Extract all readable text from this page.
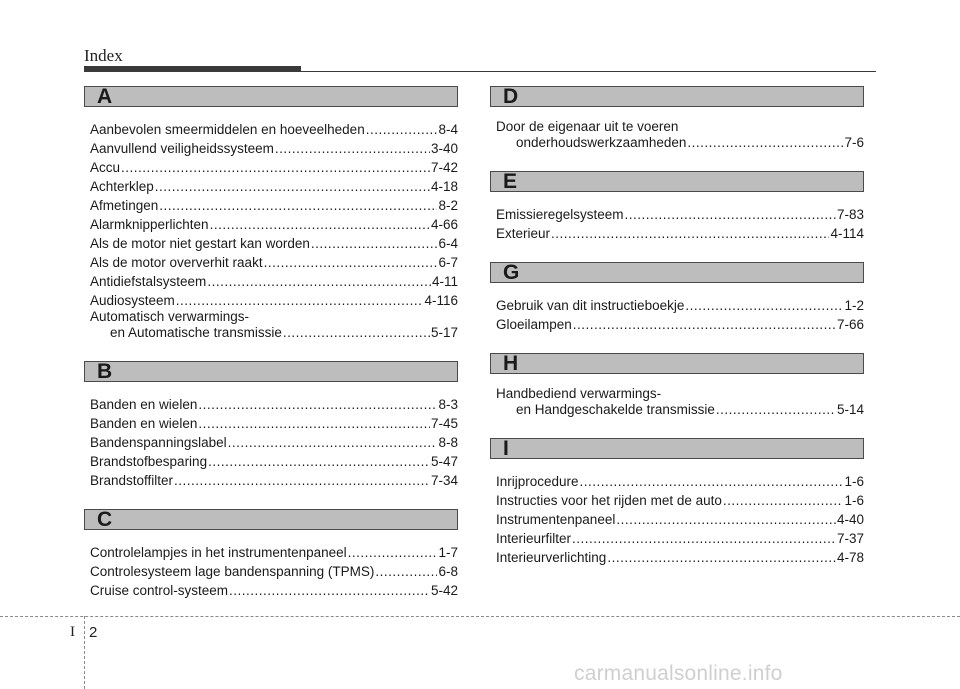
Index
A
Aanbevolen smeermiddelen en hoeveelheden .....	8-4
Aanvullend veiligheidssysteem .....	3-40
Accu .....	7-42
Achterklep .....	4-18
Afmetingen .....	8-2
Alarmknipperlichten .....	4-66
Als de motor niet gestart kan worden .....	6-4
Als de motor oververhit raakt .....	6-7
Antidiefstalsysteem .....	4-11
Audiosysteem .....	4-116
Automatisch verwarmings-
en Automatische transmissie .....	5-17
B
Banden en wielen .....	8-3
Banden en wielen .....	7-45
Bandenspanningslabel .....	8-8
Brandstofbesparing .....	5-47
Brandstoffilter .....	7-34
C
Controlelampjes in het instrumentenpaneel .....	1-7
Controlesysteem lage bandenspanning (TPMS) .....	6-8
Cruise control-systeem .....	5-42
D
Door de eigenaar uit te voeren
onderhoudswerkzaamheden .....	7-6
E
Emissieregelsysteem .....	7-83
Exterieur .....	4-114
G
Gebruik van dit instructieboekje .....	1-2
Gloeilampen .....	7-66
H
Handbediend verwarmings-
en Handgeschakelde transmissie .....	5-14
I
Inrijprocedure .....	1-6
Instructies voor het rijden met de auto .....	1-6
Instrumentenpaneel .....	4-40
Interieurfilter .....	7-37
Interieurverlichting .....	4-78
I 2
carmanualsonline.info
